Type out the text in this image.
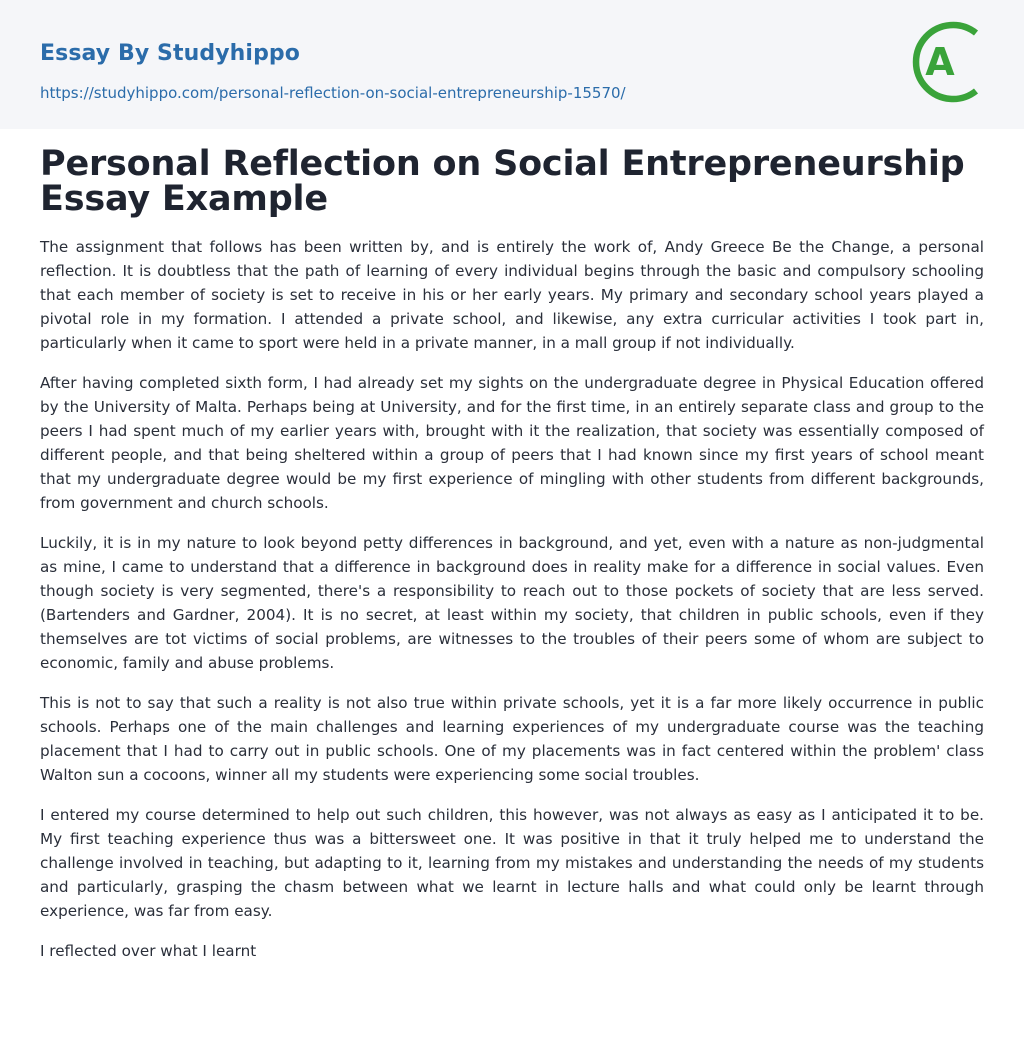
Essay By Studyhippo
https://studyhippo.com/personal-reflection-on-social-entrepreneurship-15570/
A
Personal Reflection on Social Entrepreneurship Essay Example

The assignment that follows has been written by, and is entirely the work of, Andy Greece Be the Change, a personal reflection. It is doubtless that the path of learning of every individual begins through the basic and compulsory schooling that each member of society is set to receive in his or her early years. My primary and secondary school years played a pivotal role in my formation. I attended a private school, and likewise, any extra curricular activities I took part in, particularly when it came to sport were held in a private manner, in a mall group if not individually.

After having completed sixth form, I had already set my sights on the undergraduate degree in Physical Education offered by the University of Malta. Perhaps being at University, and for the first time, in an entirely separate class and group to the peers I had spent much of my earlier years with, brought with it the realization, that society was essentially composed of different people, and that being sheltered within a group of peers that I had known since my first years of school meant that my undergraduate degree would be my first experience of mingling with other students from different backgrounds, from government and church schools.

Luckily, it is in my nature to look beyond petty differences in background, and yet, even with a nature as non-judgmental as mine, I came to understand that a difference in background does in reality make for a difference in social values. Even though society is very segmented, there's a responsibility to reach out to those pockets of society that are less served. (Bartenders and Gardner, 2004). It is no secret, at least within my society, that children in public schools, even if they themselves are tot victims of social problems, are witnesses to the troubles of their peers some of whom are subject to economic, family and abuse problems.

This is not to say that such a reality is not also true within private schools, yet it is a far more likely occurrence in public schools. Perhaps one of the main challenges and learning experiences of my undergraduate course was the teaching placement that I had to carry out in public schools. One of my placements was in fact centered within the problem' class Walton sun a cocoons, winner all my students were experiencing some social troubles.

I entered my course determined to help out such children, this however, was not always as easy as I anticipated it to be. My first teaching experience thus was a bittersweet one. It was positive in that it truly helped me to understand the challenge involved in teaching, but adapting to it, learning from my mistakes and understanding the needs of my students and particularly, grasping the chasm between what we learnt in lecture halls and what could only be learnt through experience, was far from easy.

I reflected over what I learnt
